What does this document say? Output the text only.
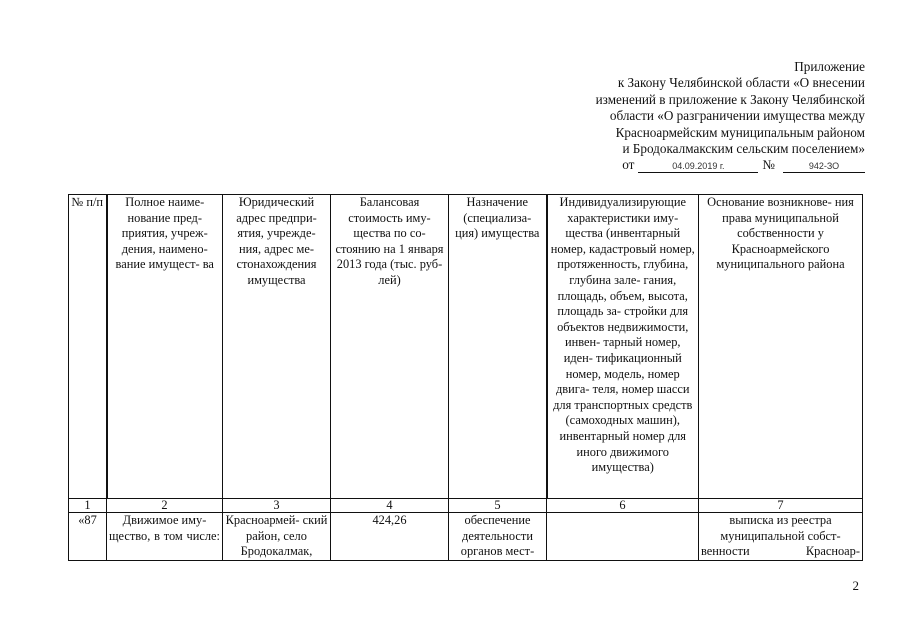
Приложение
к Закону Челябинской области «О внесении
изменений в приложение к Закону Челябинской
области «О разграничении имущества между
Красноармейским муниципальным районом
и Бродокалмакским сельским поселением»
от	04.09.2019 г.	№	942-ЗО
№ п/п	Полное наиме- нование пред- приятия, учреж- дения, наимено- вание имущест- ва	Юридический адрес предпри- ятия, учрежде- ния, адрес ме- стонахождения имущества	Балансовая стоимость иму- щества по со- стоянию на 1 января 2013 года (тыс. руб- лей)	Назначение (специализа- ция) имущества	Индивидуализирующие характеристики иму- щества (инвентарный номер, кадастровый номер, протяженность, глубина, глубина зале- гания, площадь, объем, высота, площадь за- стройки для объектов недвижимости, инвен- тарный номер, иден- тификационный номер, модель, номер двига- теля, номер шасси для транспортных средств (самоходных машин), инвентарный номер для иного движимого имущества)	Основание возникнове- ния права муниципальной собственности у Красноармейского муниципального района
1	2	3	4	5	6	7
«87	Движимое иму- щество, в том числе:	Красноармей- ский район, село Бродокалмак,	424,26	обеспечение деятельности органов мест-		выписка из реестра муниципальной собст- венности Красноар-
2
